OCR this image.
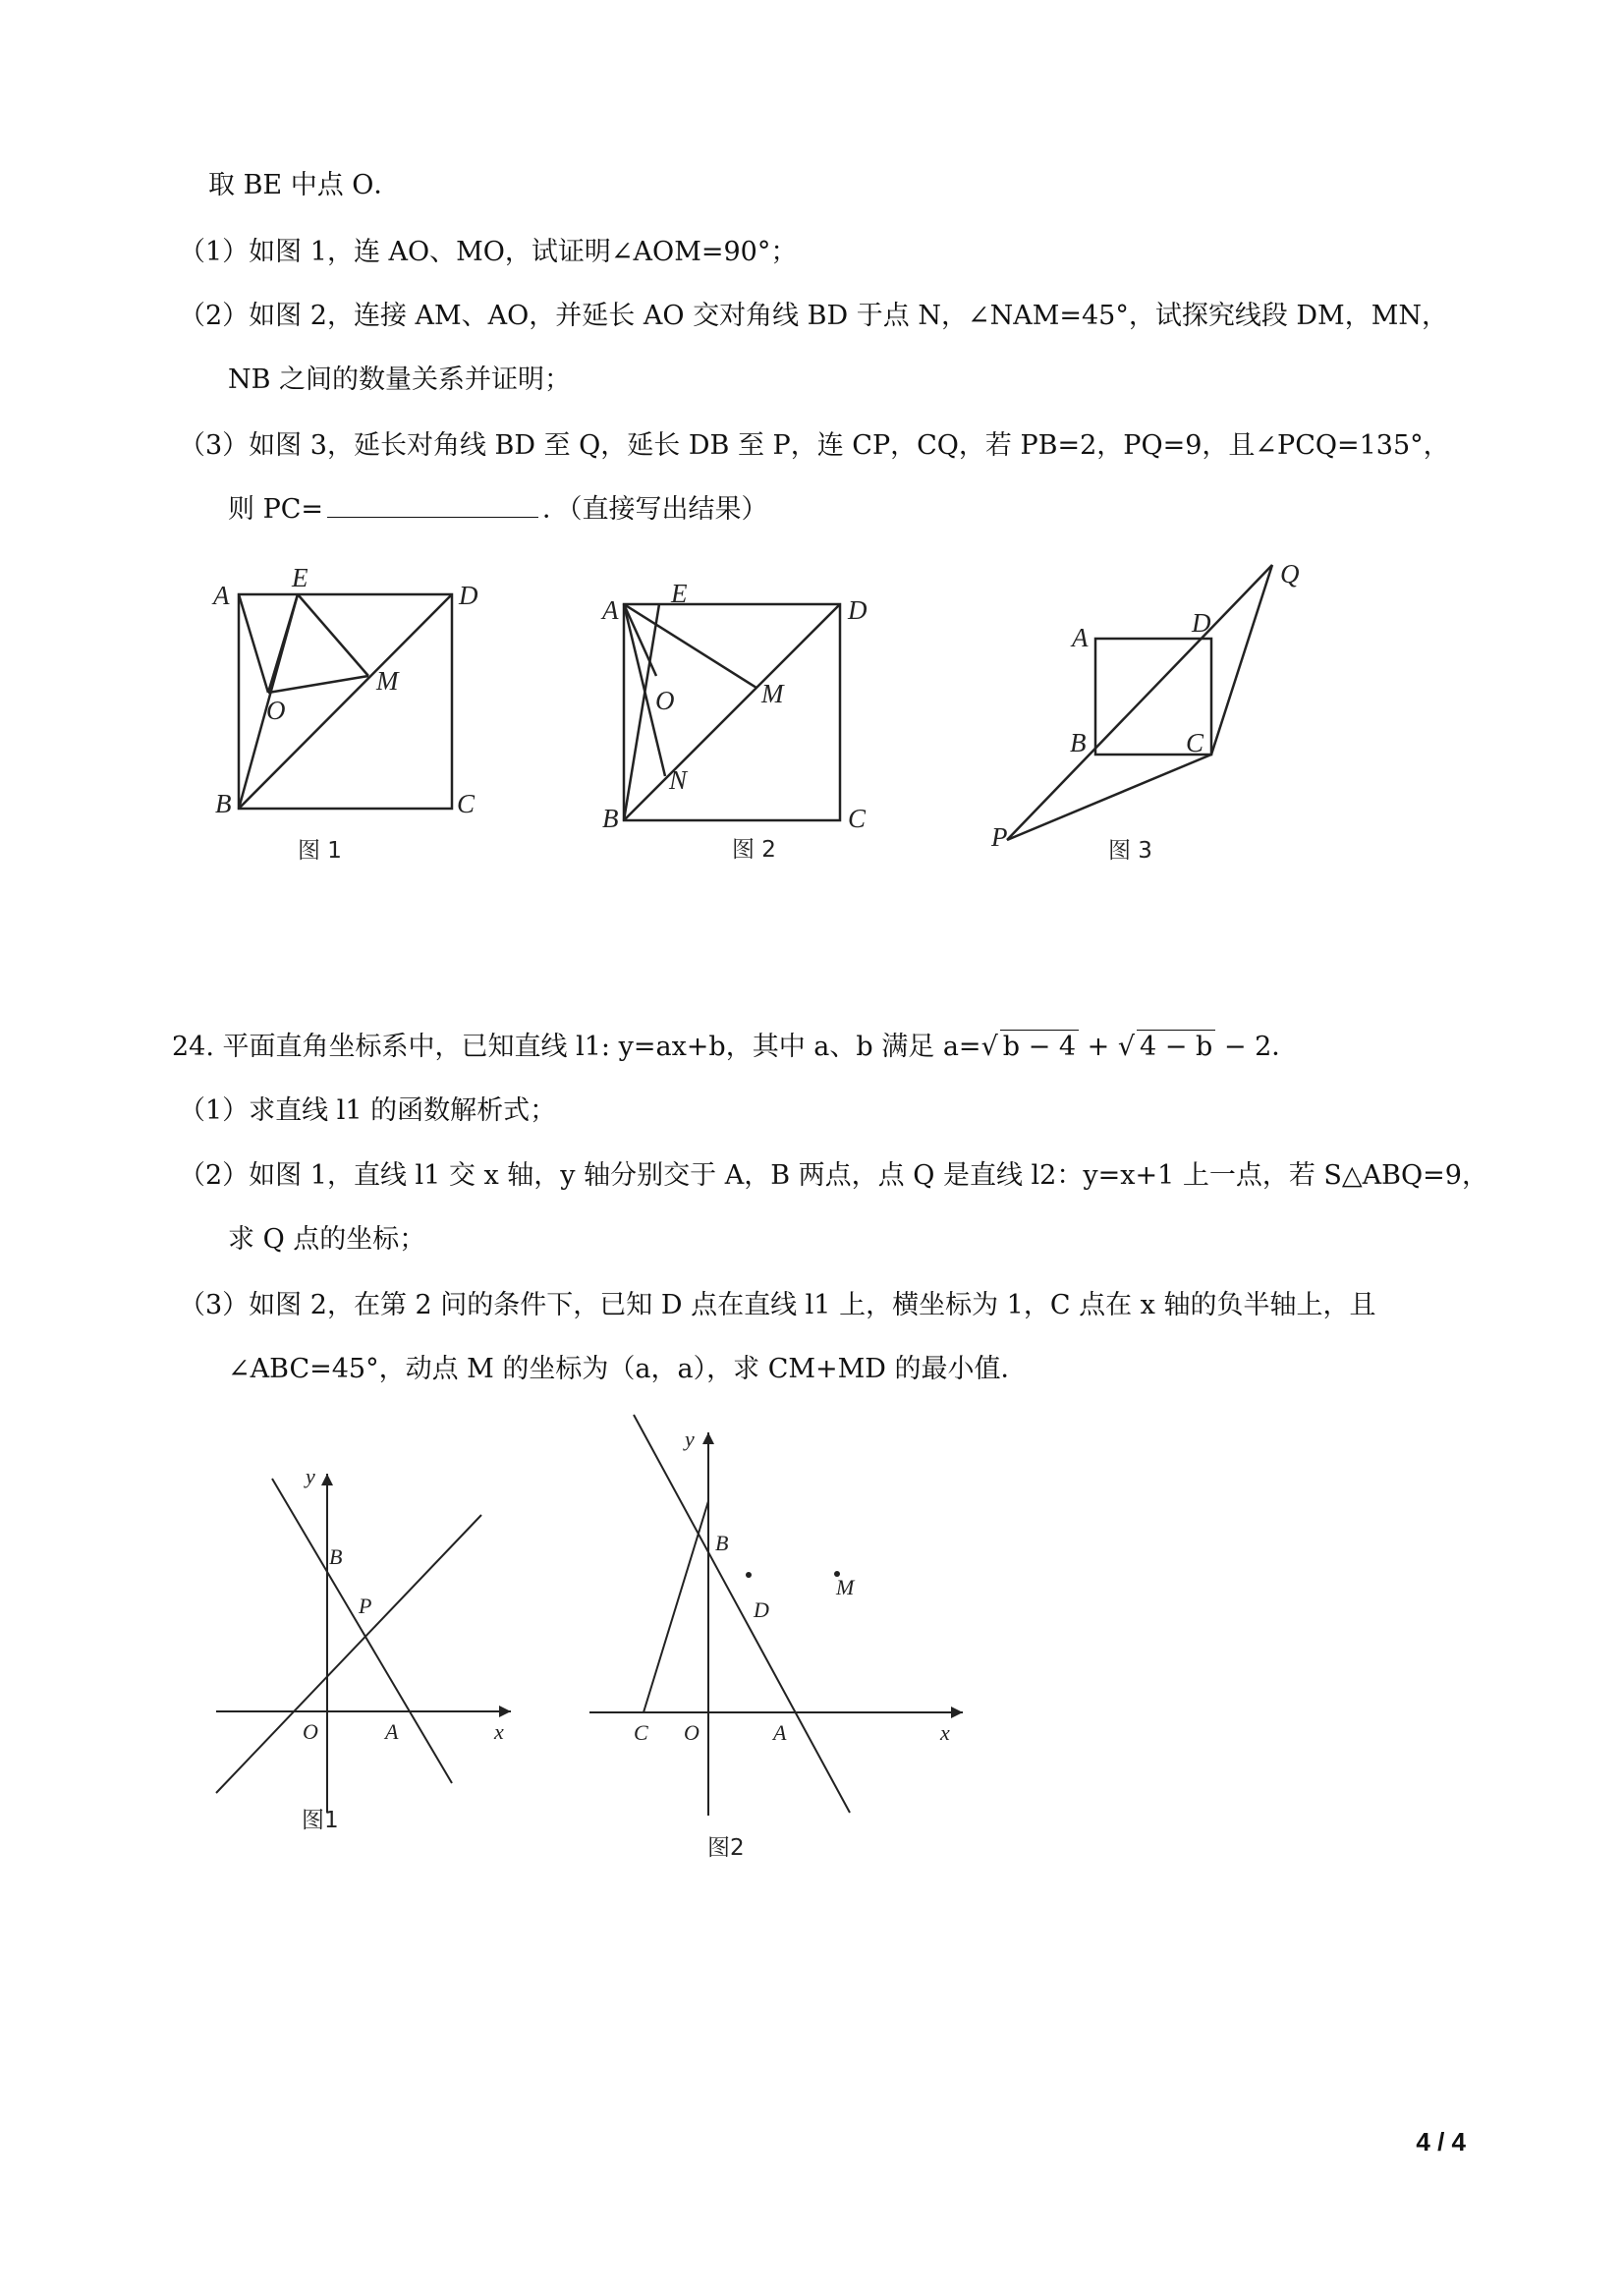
取 BE 中点 O．
（1）如图 1，连 AO、MO，试证明∠AOM=90°；
（2）如图 2，连接 AM、AO，并延长 AO 交对角线 BD 于点 N，∠NAM=45°，试探究线段 DM，MN，
NB 之间的数量关系并证明；
（3）如图 3，延长对角线 BD 至 Q，延长 DB 至 P，连 CP，CQ，若 PB=2，PQ=9，且∠PCQ=135°，
则 PC=	．（直接写出结果）
A
E
D
M
O
B	C
图 1
A
E
D
M
O
N
B	C
图 2
Q
A	D
B	C
P	图 3
24. 平面直角坐标系中，已知直线 l1: y=ax+b，其中 a、b 满足 a=√ b − 4 + √ 4 − b − 2．
（1）求直线 l1 的函数解析式；
（2）如图 1，直线 l1 交 x 轴，y 轴分别交于 A，B 两点，点 Q 是直线 l2：y=x+1 上一点，若 S△ABQ=9，
求 Q 点的坐标；
（3）如图 2，在第 2 问的条件下，已知 D 点在直线 l1 上，横坐标为 1，C 点在 x 轴的负半轴上，且
∠ABC=45°，动点 M 的坐标为（a，a），求 CM+MD 的最小值．
y
B
P
O	A	x
图1
y
B
D
M
C O	A	x
图2
4 / 4
